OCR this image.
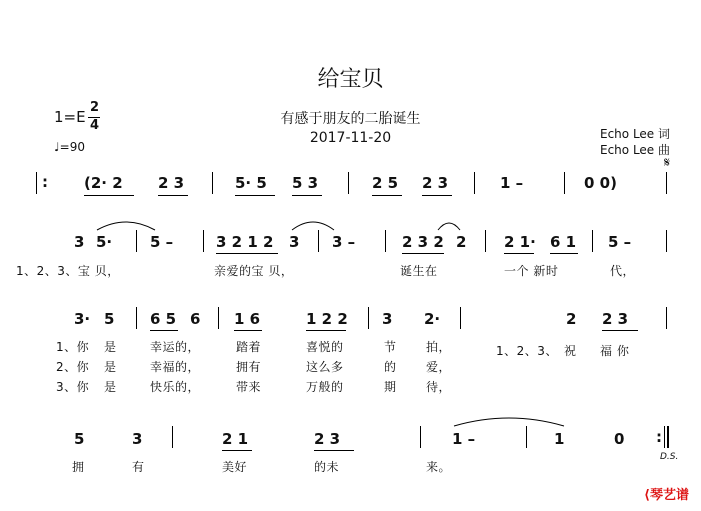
给宝贝
有感于朋友的二胎诞生
2017-11-20
1=E
2
4
♩=90
Echo Lee 词
Echo Lee 曲
𝄋
: (2· 2 2 3	5· 5 5 3	2 5 2 3	1 –	0 0)
3 5·	5 –	3 2 1 2 3 3 –	2 3 2 2	2 1· 6 1 5 –
1、2、3、宝 贝，	亲爱的宝 贝，	诞生在	一个 新时	代，
3· 5 6 5 6 1 6	1 2 2 3 2·	2 2 3
1、你 是	幸运的，	踏着	喜悦的	节 拍，
2、你 是	幸福的，	拥有	这么多	的 爱，
3、你 是	快乐的，	带来	万般的	期 待，
1、2、3、 祝 福 你
5	3	2 1	2 3	1 –	1	0 :
D.S.
拥	有	美好	的未	来。
⟨琴艺谱
